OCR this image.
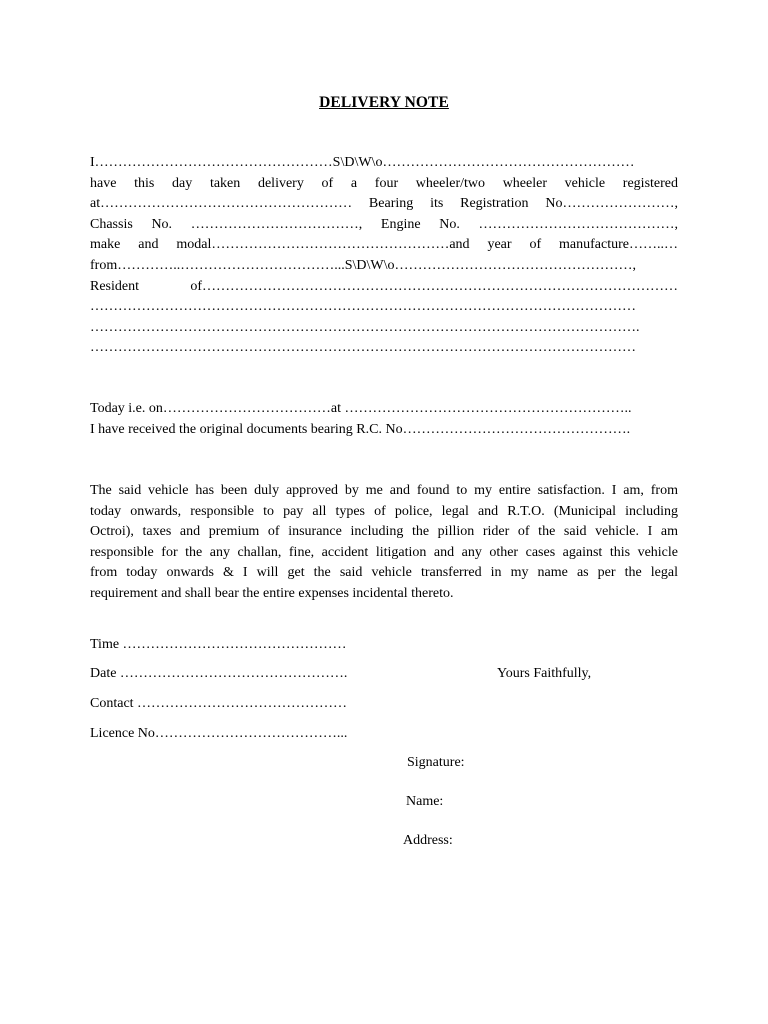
DELIVERY NOTE
I……………………………………………S\D\W\o………………………………………………
have this day taken delivery of a four wheeler/two wheeler vehicle registered
at……………………………………………… Bearing its Registration No……………………,
Chassis No. ………………………………, Engine No. ……………………………………,
make and modal……………………………………………and year of manufacture……..…
from…………..……………………………...S\D\W\o……………………………………………,
Resident of…………………………………………………………………………………………
………………………………………………………………………………………………………
……………………………………………………………………………………………………….
………………………………………………………………………………………………………
Today i.e. on………………………………at ……………………………………………………..
I have received the original documents bearing R.C. No………………………………………….
The said vehicle has been duly approved by me and found to my entire satisfaction. I am, from
today onwards, responsible to pay all types of police, legal and R.T.O. (Municipal including
Octroi), taxes and premium of insurance including the pillion rider of the said vehicle. I am
responsible for the any challan, fine, accident litigation and any other cases against this vehicle
from today onwards & I will get the said vehicle transferred in my name as per the legal
requirement and shall bear the entire expenses incidental thereto.
Time …………………………………………
Date ………………………………………….
Contact ………………………………………
Licence No…………………………………...
Yours Faithfully,
Signature:
Name:
Address:
